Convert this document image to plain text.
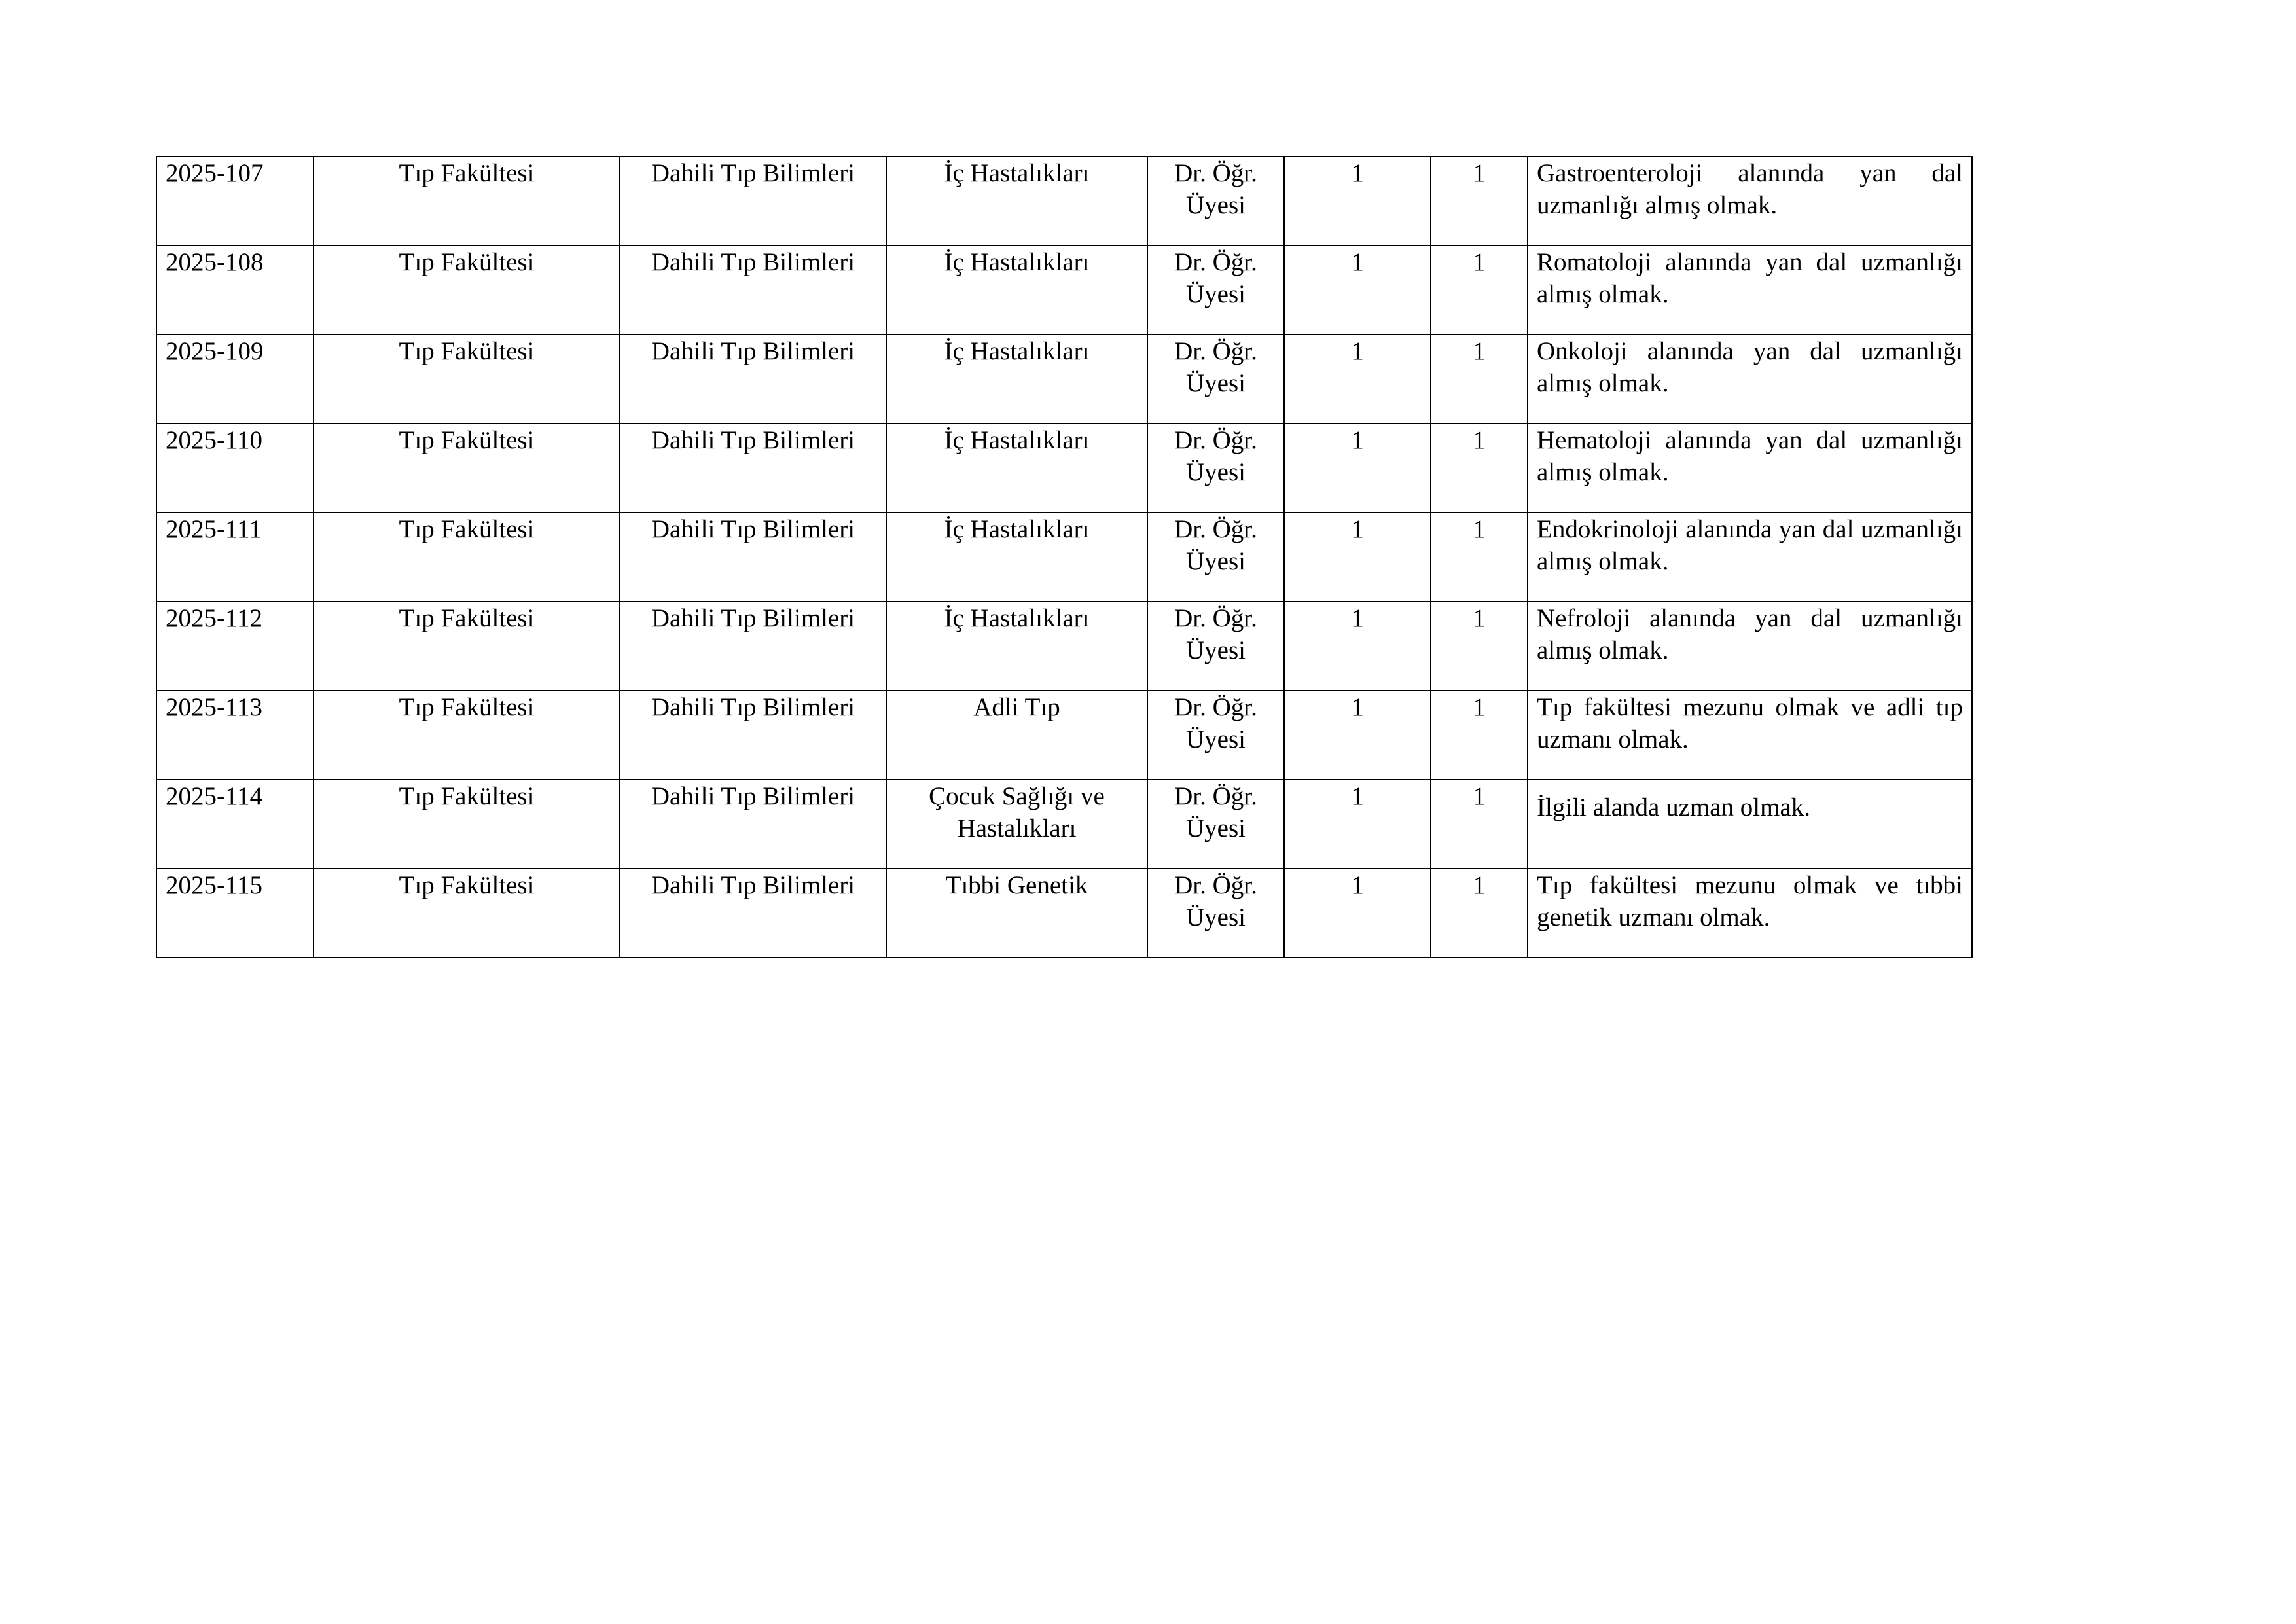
2025-107	Tıp Fakültesi	Dahili Tıp Bilimleri	İç Hastalıkları	Dr. Öğr.
Üyesi	1	1	Gastroenteroloji alanında yan dal uzmanlığı almış olmak.
2025-108	Tıp Fakültesi	Dahili Tıp Bilimleri	İç Hastalıkları	Dr. Öğr.
Üyesi	1	1	Romatoloji alanında yan dal uzmanlığı almış olmak.
2025-109	Tıp Fakültesi	Dahili Tıp Bilimleri	İç Hastalıkları	Dr. Öğr.
Üyesi	1	1	Onkoloji alanında yan dal uzmanlığı almış olmak.
2025-110	Tıp Fakültesi	Dahili Tıp Bilimleri	İç Hastalıkları	Dr. Öğr.
Üyesi	1	1	Hematoloji alanında yan dal uzmanlığı almış olmak.
2025-111	Tıp Fakültesi	Dahili Tıp Bilimleri	İç Hastalıkları	Dr. Öğr.
Üyesi	1	1	Endokrinoloji alanında yan dal uzmanlığı almış olmak.
2025-112	Tıp Fakültesi	Dahili Tıp Bilimleri	İç Hastalıkları	Dr. Öğr.
Üyesi	1	1	Nefroloji alanında yan dal uzmanlığı almış olmak.
2025-113	Tıp Fakültesi	Dahili Tıp Bilimleri	Adli Tıp	Dr. Öğr.
Üyesi	1	1	Tıp fakültesi mezunu olmak ve adli tıp uzmanı olmak.
2025-114	Tıp Fakültesi	Dahili Tıp Bilimleri	Çocuk Sağlığı ve Hastalıkları	Dr. Öğr.
Üyesi	1	1	İlgili alanda uzman olmak.
2025-115	Tıp Fakültesi	Dahili Tıp Bilimleri	Tıbbi Genetik	Dr. Öğr.
Üyesi	1	1	Tıp fakültesi mezunu olmak ve tıbbi genetik uzmanı olmak.
